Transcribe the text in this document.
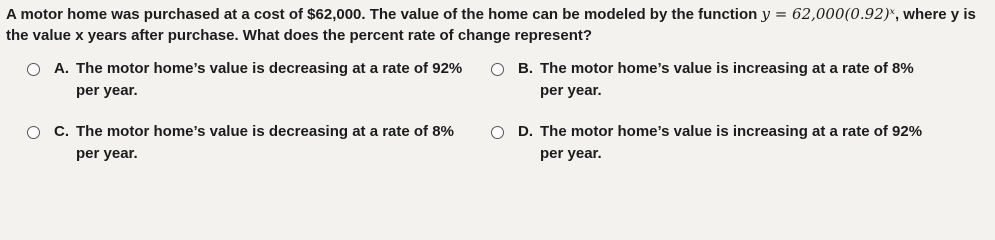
A motor home was purchased at a cost of $62,000. The value of the home can be modeled by the function y = 62,000(0.92)ˣ, where y is
the value x years after purchase. What does the percent rate of change represent?
A. The motor home’s value is decreasing at a rate of 92%
per year.
B. The motor home’s value is increasing at a rate of 8%
per year.
C. The motor home’s value is decreasing at a rate of 8%
per year.
D. The motor home’s value is increasing at a rate of 92%
per year.
